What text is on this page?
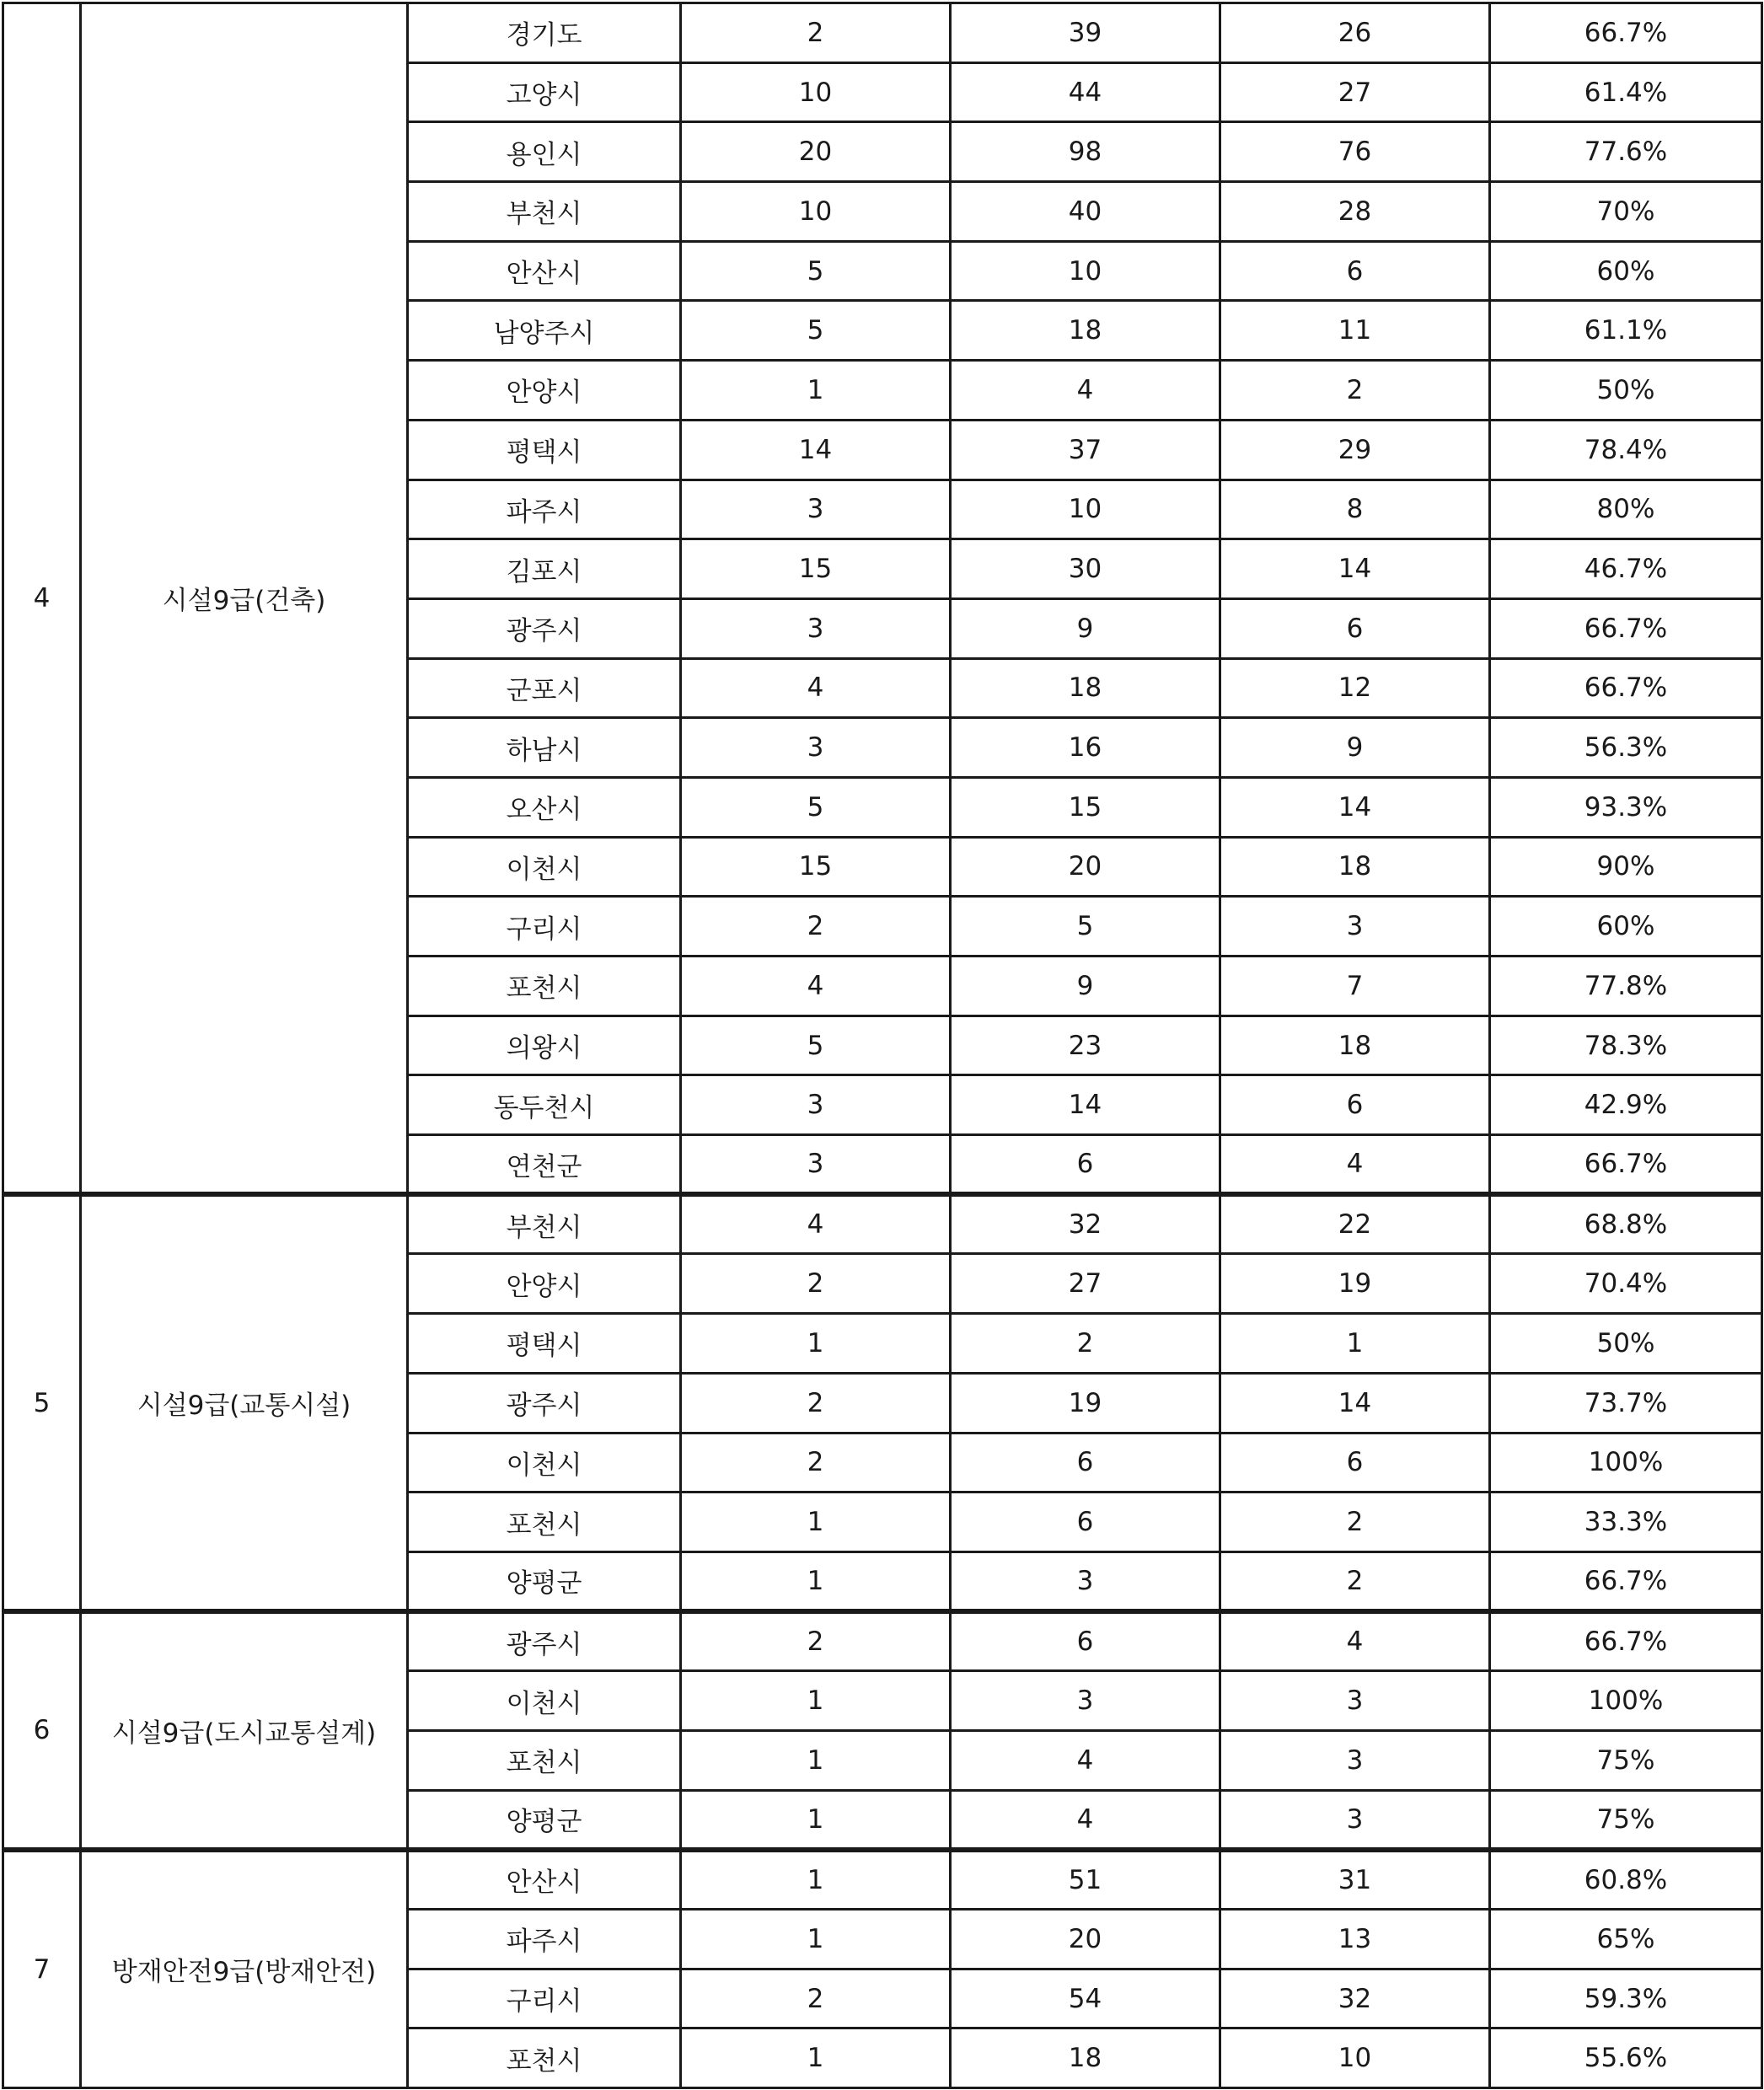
4	시설9급(건축)	경기도	2	39	26	66.7%
		고양시	10	44	27	61.4%
		용인시	20	98	76	77.6%
		부천시	10	40	28	70%
		안산시	5	10	6	60%
		남양주시	5	18	11	61.1%
		안양시	1	4	2	50%
		평택시	14	37	29	78.4%
		파주시	3	10	8	80%
		김포시	15	30	14	46.7%
		광주시	3	9	6	66.7%
		군포시	4	18	12	66.7%
		하남시	3	16	9	56.3%
		오산시	5	15	14	93.3%
		이천시	15	20	18	90%
		구리시	2	5	3	60%
		포천시	4	9	7	77.8%
		의왕시	5	23	18	78.3%
		동두천시	3	14	6	42.9%
		연천군	3	6	4	66.7%
5	시설9급(교통시설)	부천시	4	32	22	68.8%
		안양시	2	27	19	70.4%
		평택시	1	2	1	50%
		광주시	2	19	14	73.7%
		이천시	2	6	6	100%
		포천시	1	6	2	33.3%
		양평군	1	3	2	66.7%
6	시설9급(도시교통설계)	광주시	2	6	4	66.7%
		이천시	1	3	3	100%
		포천시	1	4	3	75%
		양평군	1	4	3	75%
7	방재안전9급(방재안전)	안산시	1	51	31	60.8%
		파주시	1	20	13	65%
		구리시	2	54	32	59.3%
		포천시	1	18	10	55.6%
